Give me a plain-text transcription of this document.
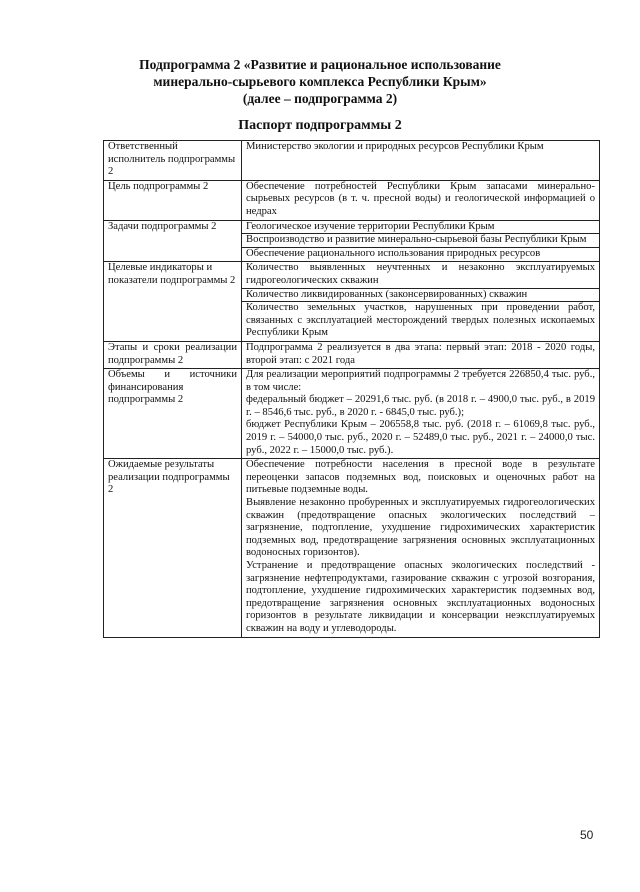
Подпрограмма 2 «Развитие и рациональное использование
минерально-сырьевого комплекса Республики Крым»
(далее – подпрограмма 2)
Паспорт подпрограммы 2
Ответственный исполнитель подпрограммы 2	Министерство экологии и природных ресурсов Республики Крым

Цель подпрограммы 2	Обеспечение потребностей Республики Крым запасами минерально-сырьевых ресурсов (в т. ч. пресной воды) и геологической информацией о недрах

Задачи подпрограммы 2	Геологическое изучение территории Республики Крым
Воспроизводство и развитие минерально-сырьевой базы Республики Крым
Обеспечение рационального использования природных ресурсов

Целевые индикаторы и показатели подпрограммы 2	Количество выявленных неучтенных и незаконно эксплуатируемых гидрогеологических скважин
Количество ликвидированных (законсервированных) скважин
Количество земельных участков, нарушенных при проведении работ, связанных с эксплуатацией месторождений твердых полезных ископаемых Республики Крым

Этапы и сроки реализации подпрограммы 2	Подпрограмма 2 реализуется в два этапа: первый этап: 2018 - 2020 годы, второй этап: с 2021 года

Объемы и источники финансирования подпрограммы 2	Для реализации мероприятий подпрограммы 2 требуется 226850,4 тыс. руб., в том числе:
федеральный бюджет – 20291,6 тыс. руб. (в 2018 г. – 4900,0 тыс. руб., в 2019 г. – 8546,6 тыс. руб., в 2020 г. - 6845,0 тыс. руб.);
бюджет Республики Крым – 206558,8 тыс. руб. (2018 г. – 61069,8 тыс. руб., 2019 г. – 54000,0 тыс. руб., 2020 г. – 52489,0 тыс. руб., 2021 г. – 24000,0 тыс. руб., 2022 г. – 15000,0 тыс. руб.).

Ожидаемые результаты реализации подпрограммы 2	Обеспечение потребности населения в пресной воде в результате переоценки запасов подземных вод, поисковых и оценочных работ на питьевые подземные воды.
Выявление незаконно пробуренных и эксплуатируемых гидрогеологических скважин (предотвращение опасных экологических последствий – загрязнение, подтопление, ухудшение гидрохимических характеристик подземных вод, предотвращение загрязнения основных эксплуатационных водоносных горизонтов).
Устранение и предотвращение опасных экологических последствий - загрязнение нефтепродуктами, газирование скважин с угрозой возгорания, подтопление, ухудшение гидрохимических характеристик подземных вод, предотвращение загрязнения основных эксплуатационных водоносных горизонтов в результате ликвидации и консервации неэксплуатируемых скважин на воду и углеводороды.
50
